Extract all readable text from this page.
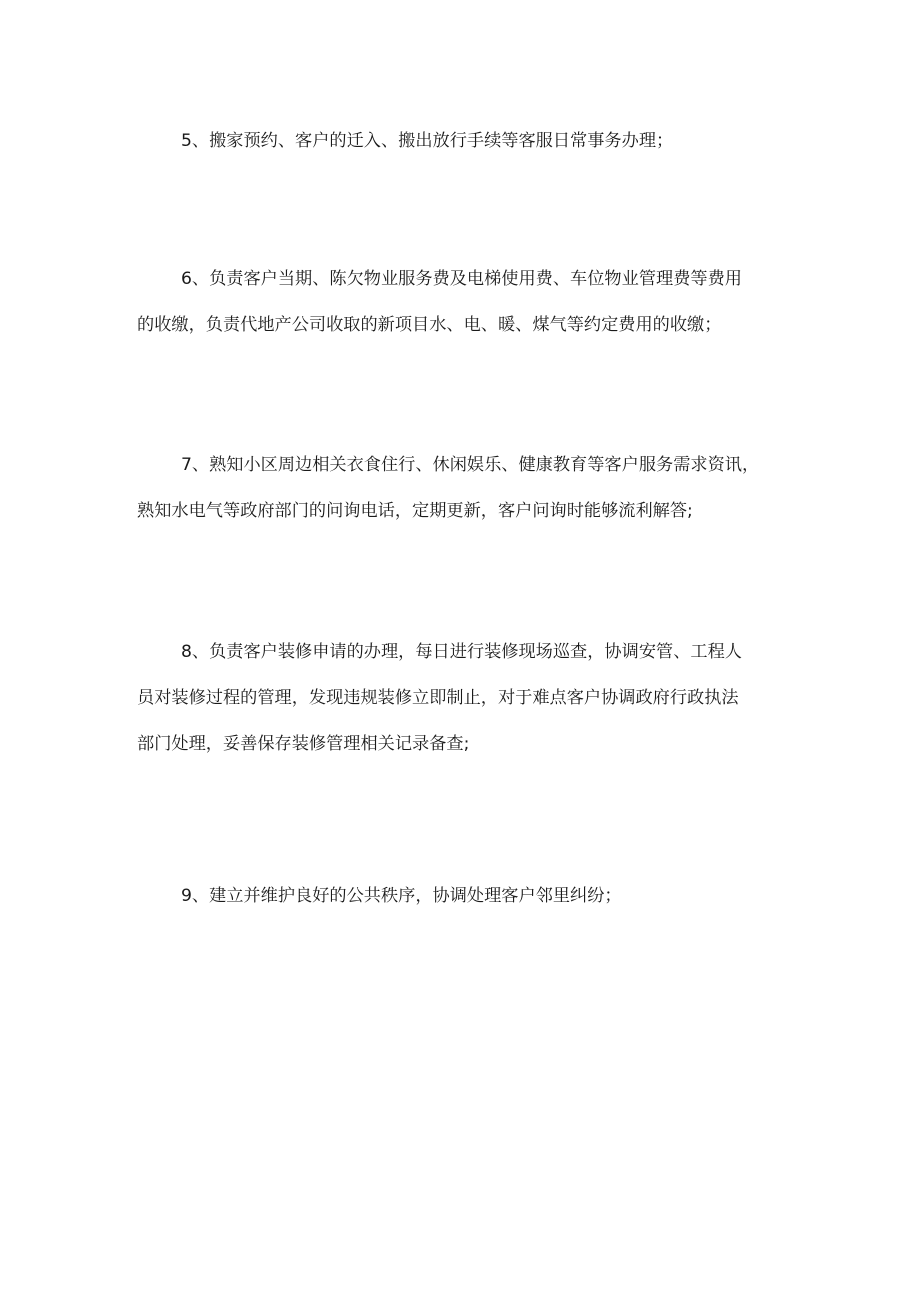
5、搬家预约、客户的迁入、搬出放行手续等客服日常事务办理；
6、负责客户当期、陈欠物业服务费及电梯使用费、车位物业管理费等费用
的收缴，负责代地产公司收取的新项目水、电、暖、煤气等约定费用的收缴；
7、熟知小区周边相关衣食住行、休闲娱乐、健康教育等客户服务需求资讯，
熟知水电气等政府部门的问询电话，定期更新，客户问询时能够流利解答;
8、负责客户装修申请的办理，每日进行装修现场巡查，协调安管、工程人
员对装修过程的管理，发现违规装修立即制止，对于难点客户协调政府行政执法
部门处理，妥善保存装修管理相关记录备查;
9、建立并维护良好的公共秩序，协调处理客户邻里纠纷；
